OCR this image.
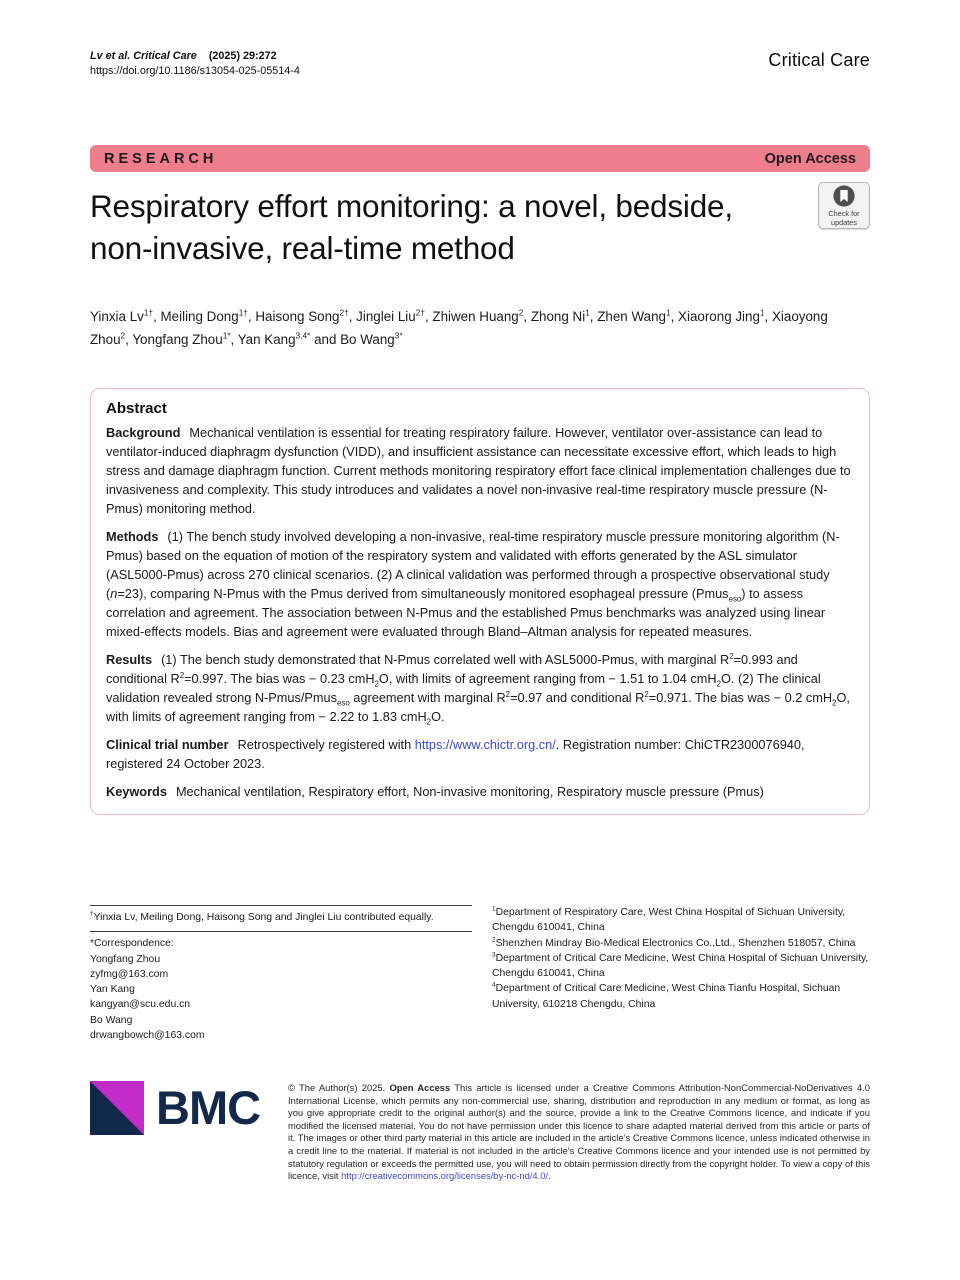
Lv et al. Critical Care    (2025) 29:272
https://doi.org/10.1186/s13054-025-05514-4
Critical Care
RESEARCH	Open Access
Respiratory effort monitoring: a novel, bedside, non-invasive, real-time method
Check for updates

Yinxia $Lv^{1\dagger}$, Meiling Dong$^{1\dagger}$, Haisong Song$^{2\dagger}$, Jinglei Liu$^{2\dagger}$, Zhiwen Huang$^2$, Zhong Ni$^1$, Zhen Wang$^1$, Xiaorong Jing$^1$, Xiaoyong Zhou$^2$, Yongfang Zhou$^{1*}$, Yan Kang$^{3,4*}$ and Bo Wang$^{3*}$

Abstract

Background Mechanical ventilation is essential for treating respiratory failure. However, ventilator over-assistance can lead to ventilator-induced diaphragm dysfunction (VIDD), and insufficient assistance can necessitate excessive effort, which leads to high stress and damage diaphragm function. Current methods monitoring respiratory effort face clinical implementation challenges due to invasiveness and complexity. This study introduces and validates a novel non-invasive real-time respiratory muscle pressure (N-Pmus) monitoring method.

Methods (1) The bench study involved developing a non-invasive, real-time respiratory muscle pressure monitoring algorithm (N-Pmus) based on the equation of motion of the respiratory system and validated with efforts generated by the ASL simulator (ASL5000-Pmus) across 270 clinical scenarios. (2) A clinical validation was performed through a prospective observational study (n=23), comparing N-Pmus with the Pmus derived from simultaneously monitored esophageal pressure (Pmus$_{eso}$) to assess correlation and agreement. The association between N-Pmus and the established Pmus benchmarks was analyzed using linear mixed-effects models. Bias and agreement were evaluated through Bland–Altman analysis for repeated measures.

Results (1) The bench study demonstrated that N-Pmus correlated well with ASL5000-Pmus, with marginal $R^2=0.993$ and conditional $R^2=0.997$. The bias was − 0.23 cmH$_2$O, with limits of agreement ranging from − 1.51 to 1.04 cmH$_2$O. (2) The clinical validation revealed strong N-Pmus/Pmus$_{eso}$ agreement with marginal $R^2=0.97$ and conditional $R^2=0.971$. The bias was − 0.2 cmH$_2$O, with limits of agreement ranging from − 2.22 to 1.83 cmH$_2$O.

Clinical trial number Retrospectively registered with https://www.chictr.org.cn/. Registration number: ChiCTR2300076940, registered 24 October 2023.

Keywords Mechanical ventilation, Respiratory effort, Non-invasive monitoring, Respiratory muscle pressure (Pmus)

†Yinxia Lv, Meiling Dong, Haisong Song and Jinglei Liu contributed equally.

*Correspondence:

Yongfang Zhou

zyfmg@163.com

Yan Kang

kangyan@scu.edu.cn

Bo Wang

drwangbowch@163.com

$^1$Department of Respiratory Care, West China Hospital of Sichuan University, Chengdu 610041, China

$^2$Shenzhen Mindray Bio-Medical Electronics Co.,Ltd., Shenzhen 518057, China

$^3$Department of Critical Care Medicine, West China Hospital of Sichuan University, Chengdu 610041, China

$^4$Department of Critical Care Medicine, West China Tianfu Hospital, Sichuan University, 610218 Chengdu, China

BMC	© The Author(s) 2025. Open Access This article is licensed under a Creative Commons Attribution-NonCommercial-NoDerivatives 4.0 International License, which permits any non-commercial use, sharing, distribution and reproduction in any medium or format, as long as you give appropriate credit to the original author(s) and the source, provide a link to the Creative Commons licence, and indicate if you modified the licensed material. You do not have permission under this licence to share adapted material derived from this article or parts of it. The images or other third party material in this article are included in the article’s Creative Commons licence, unless indicated otherwise in a credit line to the material. If material is not included in the article’s Creative Commons licence and your intended use is not permitted by statutory regulation or exceeds the permitted use, you will need to obtain permission directly from the copyright holder. To view a copy of this licence, visit http://creativecommons.org/licenses/by-nc-nd/4.0/.
